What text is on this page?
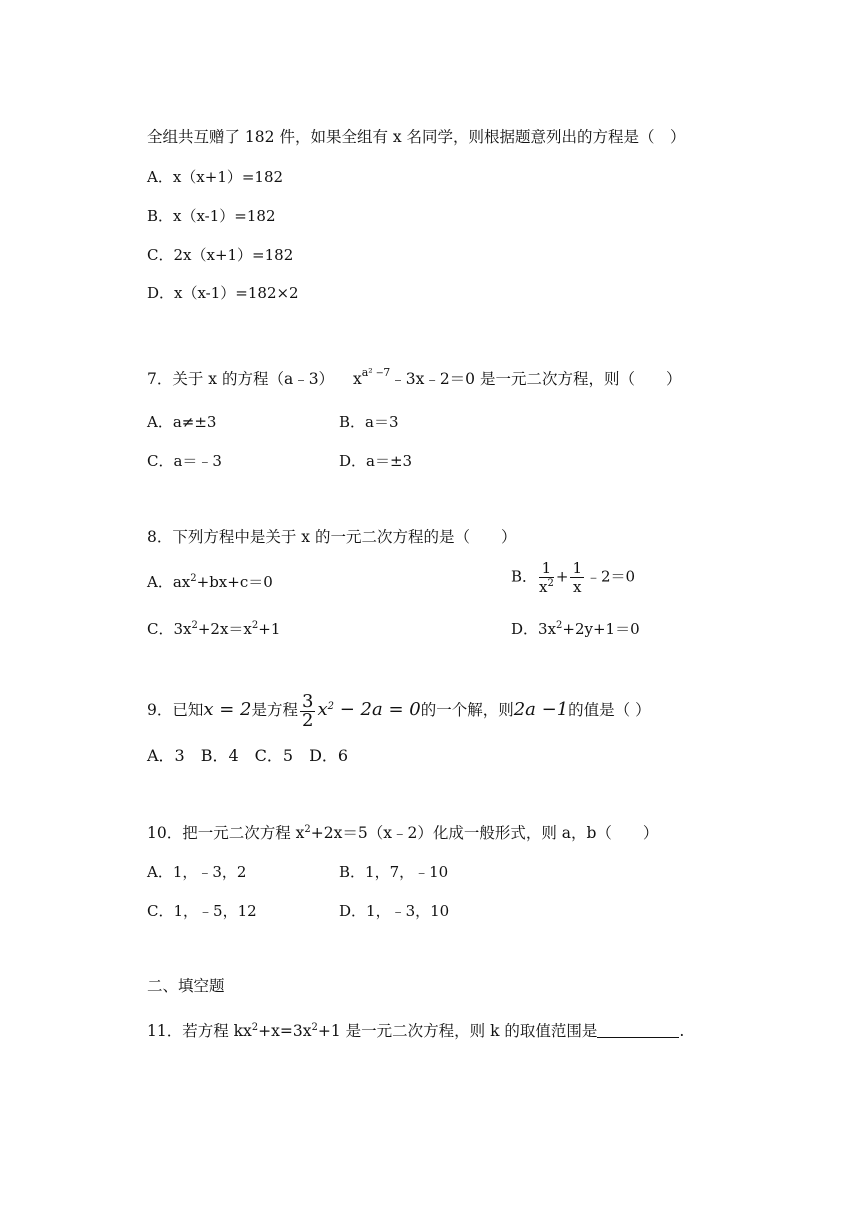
全组共互赠了 182 件，如果全组有 x 名同学，则根据题意列出的方程是（　）
A．x（x+1）=182
B．x（x-1）=182
C．2x（x+1）=182
D．x（x-1）=182×2
7．关于 x 的方程（a﹣3） $x^{a^2 ‒7}﹣3x﹣2=0$ 是一元二次方程，则（　　）
A．a≠±3	B．a＝3
C．a＝﹣3	D．a＝±3
8．下列方程中是关于 x 的一元二次方程的是（　　）
A．$ax^2+bx+c=0$	B． $\frac{1}{x^2} + \frac{1}{x}$ ﹣2＝0
C．$3x^2+2x=x^2+1$	D．$3x^2+2y+1=0$
9．已知x = 2是方程 $\frac{3}{2} x^2 - 2a = 0$的一个解，则2a −1的值是（ ）
A．3　B．4　C．5　D．6
10．把一元二次方程 $x^2+2x=5(x﹣2)$化成一般形式，则 a，b（　　）
A．1，﹣3，2	B．1，7，﹣10
C．1，﹣5，12	D．1，﹣3，10
二、填空题
11．若方程 $kx^2+x=3x^2+1$ 是一元二次方程，则 k 的取值范围是	.
